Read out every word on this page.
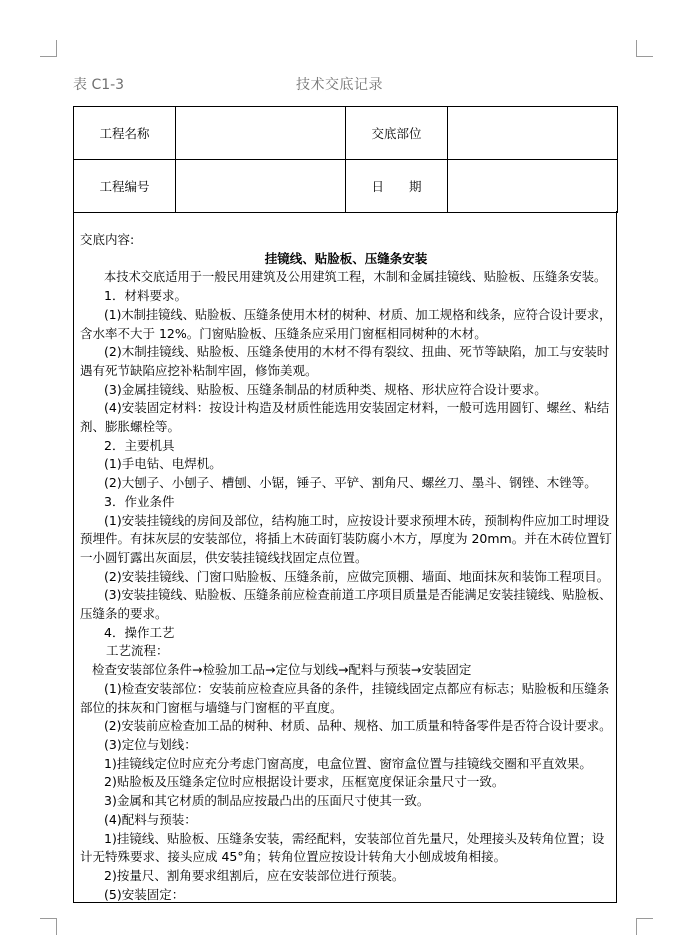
表 C1-3	技术交底记录
工程名称		交底部位	
工程编号		日　　期	
交底内容:
挂镜线、贴脸板、压缝条安装
本技术交底适用于一般民用建筑及公用建筑工程，木制和金属挂镜线、贴脸板、压缝条安装。
1．材料要求。
(1)木制挂镜线、贴脸板、压缝条使用木材的树种、材质、加工规格和线条，应符合设计要求，
含水率不大于 12%。门窗贴脸板、压缝条应采用门窗框相同树种的木材。
(2)木制挂镜线、贴脸板、压缝条使用的木材不得有裂纹、扭曲、死节等缺陷，加工与安装时
遇有死节缺陷应挖补粘制牢固，修饰美观。
(3)金属挂镜线、贴脸板、压缝条制品的材质种类、规格、形状应符合设计要求。
(4)安装固定材料：按设计构造及材质性能选用安装固定材料，一般可选用圆钉、螺丝、粘结
剂、膨胀螺栓等。
2．主要机具
(1)手电钻、电焊机。
(2)大刨子、小刨子、槽刨、小锯，锤子、平铲、割角尺、螺丝刀、墨斗、钢锉、木锉等。
3．作业条件
(1)安装挂镜线的房间及部位，结构施工时，应按设计要求预埋木砖，预制构件应加工时埋设
预埋件。有抹灰层的安装部位，将插上木砖面钉装防腐小木方，厚度为 20mm。并在木砖位置钉
一小圆钉露出灰面层，供安装挂镜线找固定点位置。
(2)安装挂镜线、门窗口贴脸板、压缝条前，应做完顶棚、墙面、地面抹灰和装饰工程项目。
(3)安装挂镜线、贴脸板、压缝条前应检查前道工序项目质量是否能满足安装挂镜线、贴脸板、
压缝条的要求。
4．操作工艺
工艺流程：
检查安装部位条件→检验加工品→定位与划线→配料与预装→安装固定
(1)检查安装部位：安装前应检查应具备的条件，挂镜线固定点都应有标志；贴脸板和压缝条
部位的抹灰和门窗框与墙缝与门窗框的平直度。
(2)安装前应检查加工品的树种、材质、品种、规格、加工质量和特备零件是否符合设计要求。
(3)定位与划线：
1)挂镜线定位时应充分考虑门窗高度，电盒位置、窗帘盒位置与挂镜线交圈和平直效果。
2)贴脸板及压缝条定位时应根据设计要求，压框宽度保证余量尺寸一致。
3)金属和其它材质的制品应按最凸出的压面尺寸使其一致。
(4)配料与预装：
1)挂镜线、贴脸板、压缝条安装，需经配料，安装部位首先量尺，处理接头及转角位置；设
计无特殊要求、接头应成 45°角；转角位置应按设计转角大小刨成坡角相接。
2)按量尺、割角要求组割后，应在安装部位进行预装。
(5)安装固定：
